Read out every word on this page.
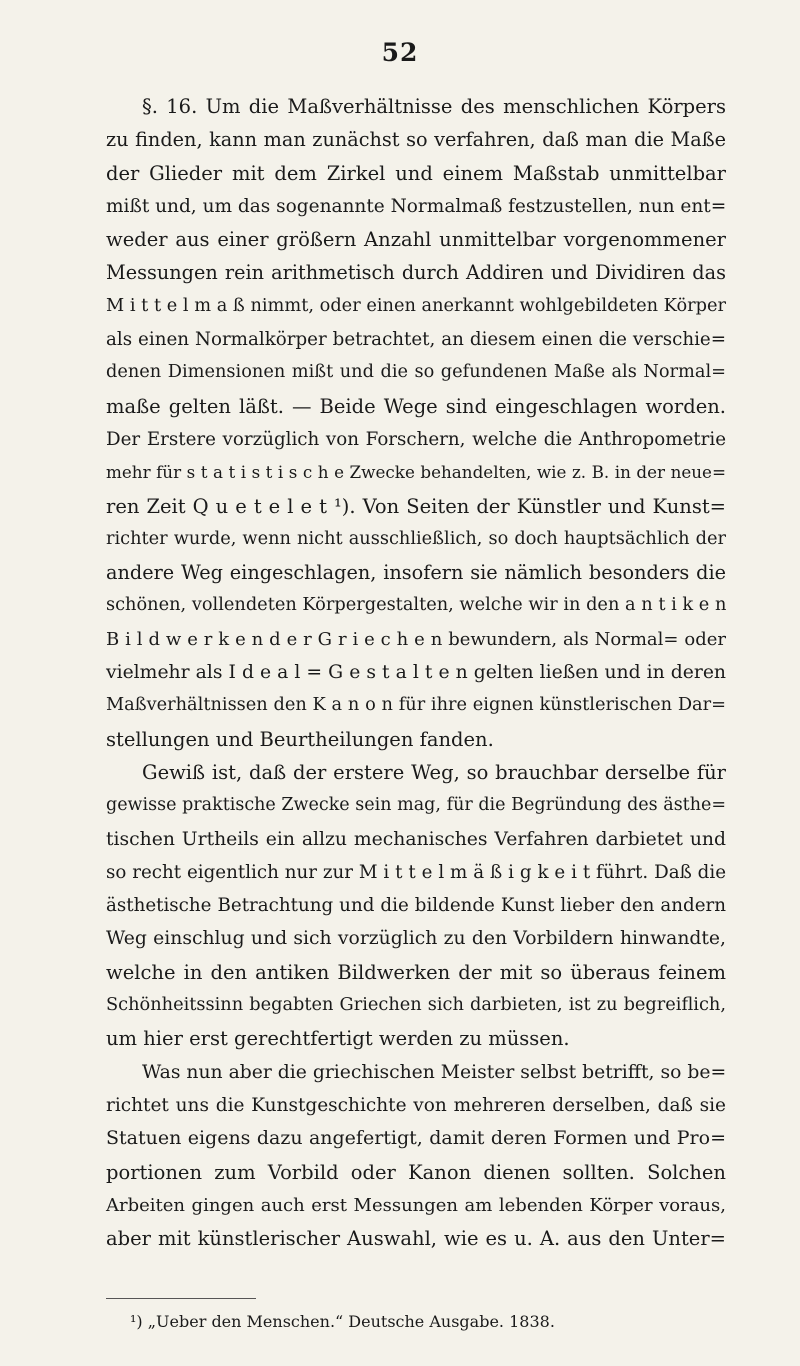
52
§. 16. Um die Maßverhältnisse des menschlichen Körpers
zu finden, kann man zunächst so verfahren, daß man die Maße
der Glieder mit dem Zirkel und einem Maßstab unmittelbar
mißt und, um das sogenannte Normalmaß festzustellen, nun ent=
weder aus einer größern Anzahl unmittelbar vorgenommener
Messungen rein arithmetisch durch Addiren und Dividiren das
M i t t e l m a ß nimmt, oder einen anerkannt wohlgebildeten Körper
als einen Normalkörper betrachtet, an diesem einen die verschie=
denen Dimensionen mißt und die so gefundenen Maße als Normal=
maße gelten läßt. — Beide Wege sind eingeschlagen worden.
Der Erstere vorzüglich von Forschern, welche die Anthropometrie
mehr für s t a t i s t i s c h e Zwecke behandelten, wie z. B. in der neue=
ren Zeit Q u e t e l e t ¹). Von Seiten der Künstler und Kunst=
richter wurde, wenn nicht ausschließlich, so doch hauptsächlich der
andere Weg eingeschlagen, insofern sie nämlich besonders die
schönen, vollendeten Körpergestalten, welche wir in den a n t i k e n
B i l d w e r k e n d e r G r i e c h e n bewundern, als Normal= oder
vielmehr als I d e a l = G e s t a l t e n gelten ließen und in deren
Maßverhältnissen den K a n o n für ihre eignen künstlerischen Dar=
stellungen und Beurtheilungen fanden.
Gewiß ist, daß der erstere Weg, so brauchbar derselbe für
gewisse praktische Zwecke sein mag, für die Begründung des ästhe=
tischen Urtheils ein allzu mechanisches Verfahren darbietet und
so recht eigentlich nur zur M i t t e l m ä ß i g k e i t führt. Daß die
ästhetische Betrachtung und die bildende Kunst lieber den andern
Weg einschlug und sich vorzüglich zu den Vorbildern hinwandte,
welche in den antiken Bildwerken der mit so überaus feinem
Schönheitssinn begabten Griechen sich darbieten, ist zu begreiflich,
um hier erst gerechtfertigt werden zu müssen.
Was nun aber die griechischen Meister selbst betrifft, so be=
richtet uns die Kunstgeschichte von mehreren derselben, daß sie
Statuen eigens dazu angefertigt, damit deren Formen und Pro=
portionen zum Vorbild oder Kanon dienen sollten. Solchen
Arbeiten gingen auch erst Messungen am lebenden Körper voraus,
aber mit künstlerischer Auswahl, wie es u. A. aus den Unter=
¹) „Ueber den Menschen.“ Deutsche Ausgabe. 1838.
